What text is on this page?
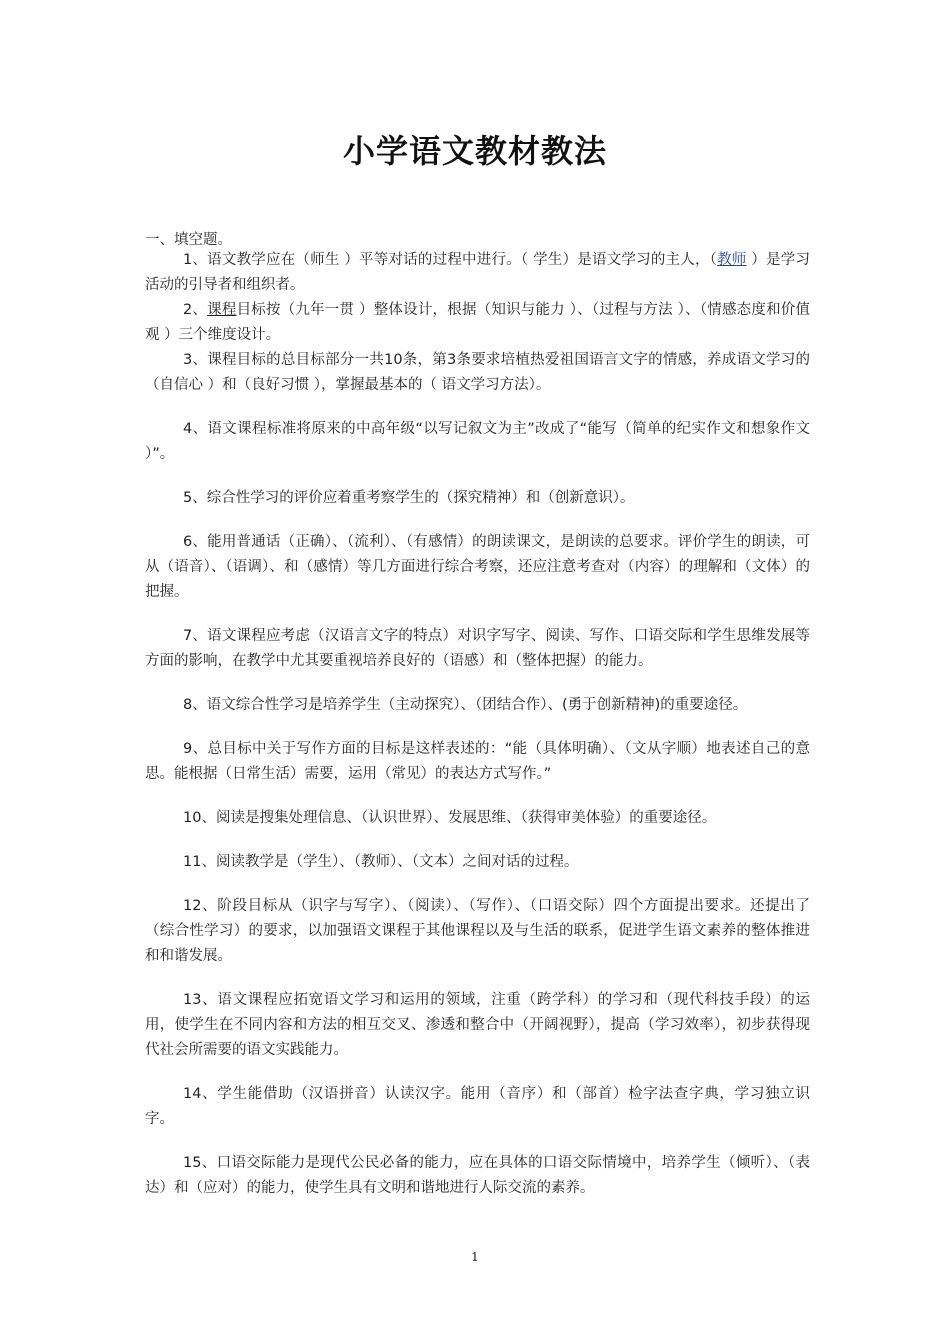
小学语文教材教法
一、填空题。

1、语文教学应在（师生 ）平等对话的过程中进行。（ 学生）是语文学习的主人，（教师 ）是学习活动的引导者和组织者。

2、课程目标按（九年一贯 ）整体设计，根据（知识与能力 ）、（过程与方法 ）、（情感态度和价值观 ）三个维度设计。

3、课程目标的总目标部分一共10条，第3条要求培植热爱祖国语言文字的情感，养成语文学习的（自信心 ）和（良好习惯 ），掌握最基本的（ 语文学习方法）。

4、语文课程标准将原来的中高年级“以写记叙文为主”改成了“能写（简单的纪实作文和想象作文 ）”。

5、综合性学习的评价应着重考察学生的（探究精神）和（创新意识）。

6、能用普通话（正确）、（流利）、（有感情）的朗读课文，是朗读的总要求。评价学生的朗读，可从（语音）、（语调）、和（感情）等几方面进行综合考察，还应注意考查对（内容）的理解和（文体）的把握。

7、语文课程应考虑（汉语言文字的特点）对识字写字、阅读、写作、口语交际和学生思维发展等方面的影响，在教学中尤其要重视培养良好的（语感）和（整体把握）的能力。

8、语文综合性学习是培养学生（主动探究）、（团结合作）、(勇于创新精神)的重要途径。

9、总目标中关于写作方面的目标是这样表述的：“能（具体明确）、（文从字顺）地表述自己的意思。能根据（日常生活）需要，运用（常见）的表达方式写作。”

10、阅读是搜集处理信息、（认识世界）、发展思维、（获得审美体验）的重要途径。

11、阅读教学是（学生）、（教师）、（文本）之间对话的过程。

12、阶段目标从（识字与写字）、（阅读）、（写作）、（口语交际）四个方面提出要求。还提出了（综合性学习）的要求，以加强语文课程于其他课程以及与生活的联系，促进学生语文素养的整体推进和和谐发展。

13、语文课程应拓宽语文学习和运用的领域，注重（跨学科）的学习和（现代科技手段）的运用，使学生在不同内容和方法的相互交叉、渗透和整合中（开阔视野），提高（学习效率），初步获得现代社会所需要的语文实践能力。

14、学生能借助（汉语拼音）认读汉字。能用（音序）和（部首）检字法查字典，学习独立识字。

15、口语交际能力是现代公民必备的能力，应在具体的口语交际情境中，培养学生（倾听）、（表达）和（应对）的能力，使学生具有文明和谐地进行人际交流的素养。

1
